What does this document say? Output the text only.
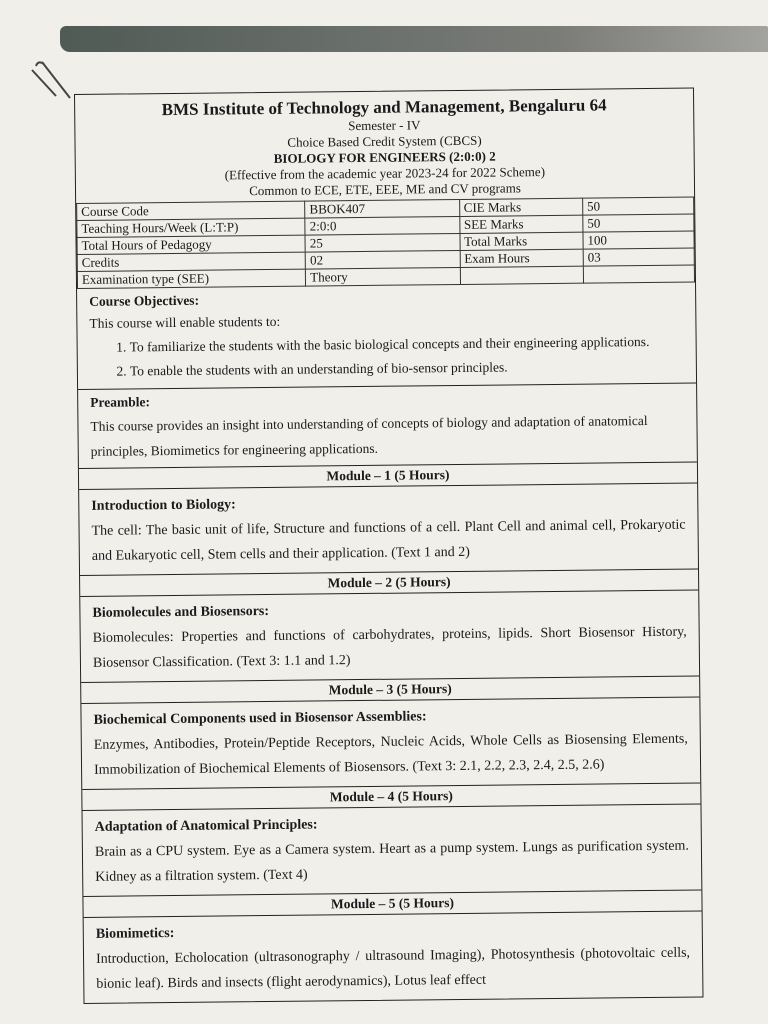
BMS Institute of Technology and Management, Bengaluru 64
Semester - IV
Choice Based Credit System (CBCS)
BIOLOGY FOR ENGINEERS (2:0:0) 2
(Effective from the academic year 2023-24 for 2022 Scheme)
Common to ECE, ETE, EEE, ME and CV programs
Course Code	BBOK407	CIE Marks	50
Teaching Hours/Week (L:T:P)	2:0:0	SEE Marks	50
Total Hours of Pedagogy	25	Total Marks	100
Credits	02	Exam Hours	03
Examination type (SEE)	Theory		
Course Objectives:
This course will enable students to:
1. To familiarize the students with the basic biological concepts and their engineering applications.
2. To enable the students with an understanding of bio-sensor principles.
Preamble:
This course provides an insight into understanding of concepts of biology and adaptation of anatomical principles, Biomimetics for engineering applications.
Module – 1 (5 Hours)
Introduction to Biology:
The cell: The basic unit of life, Structure and functions of a cell. Plant Cell and animal cell, Prokaryotic and Eukaryotic cell, Stem cells and their application. (Text 1 and 2)
Module – 2 (5 Hours)
Biomolecules and Biosensors:
Biomolecules: Properties and functions of carbohydrates, proteins, lipids. Short Biosensor History, Biosensor Classification. (Text 3: 1.1 and 1.2)
Module – 3 (5 Hours)
Biochemical Components used in Biosensor Assemblies:
Enzymes, Antibodies, Protein/Peptide Receptors, Nucleic Acids, Whole Cells as Biosensing Elements, Immobilization of Biochemical Elements of Biosensors. (Text 3: 2.1, 2.2, 2.3, 2.4, 2.5, 2.6)
Module – 4 (5 Hours)
Adaptation of Anatomical Principles:
Brain as a CPU system. Eye as a Camera system. Heart as a pump system. Lungs as purification system. Kidney as a filtration system. (Text 4)
Module – 5 (5 Hours)
Biomimetics:
Introduction, Echolocation (ultrasonography / ultrasound Imaging), Photosynthesis (photovoltaic cells, bionic leaf). Birds and insects (flight aerodynamics), Lotus leaf effect
